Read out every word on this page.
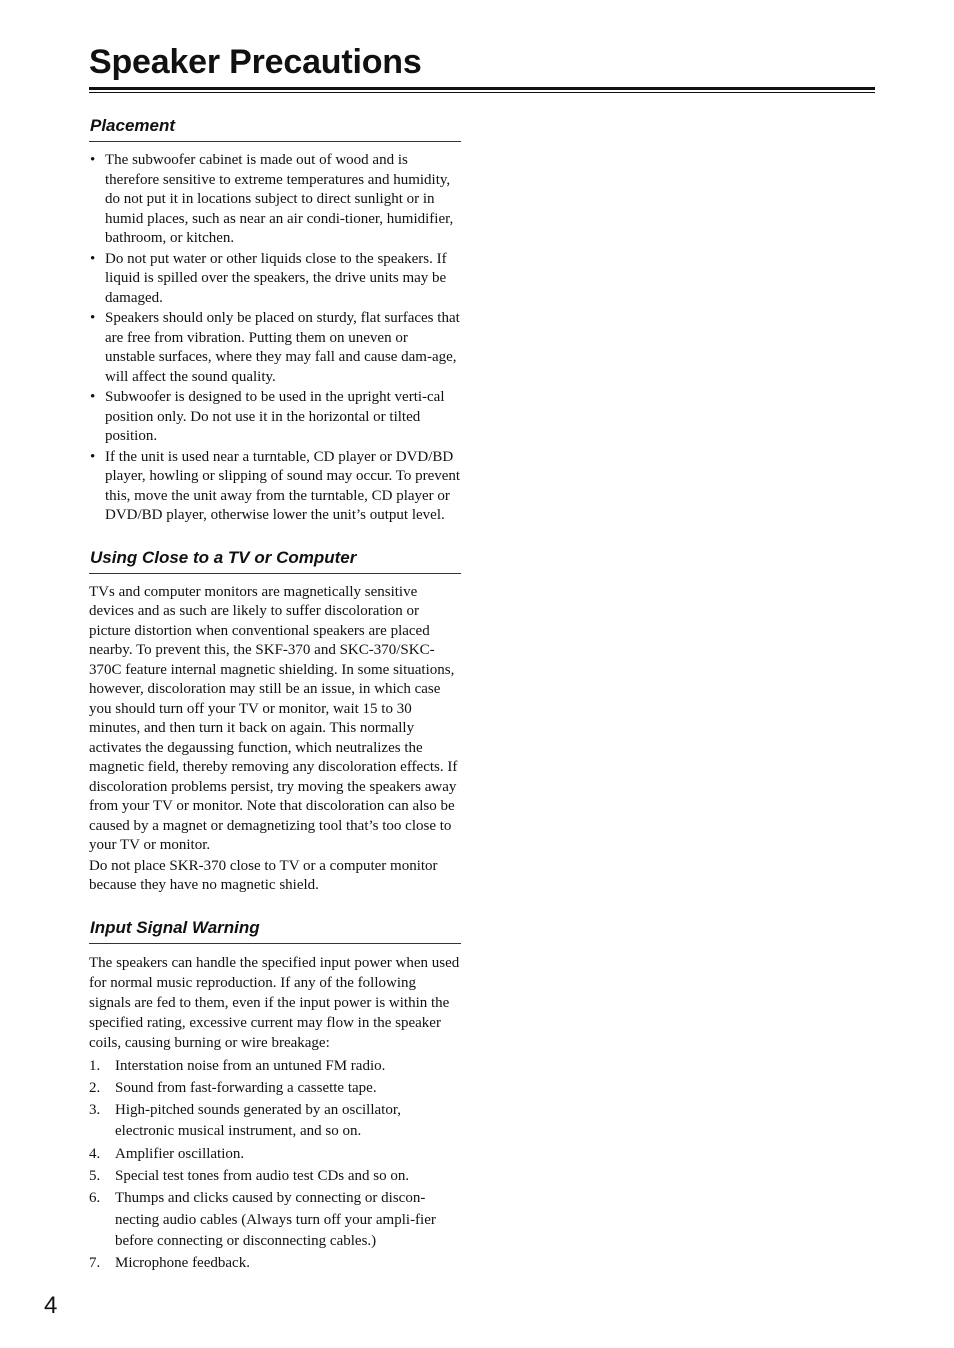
Speaker Precautions
Placement
• The subwoofer cabinet is made out of wood and is therefore sensitive to extreme temperatures and humidity, do not put it in locations subject to direct sunlight or in humid places, such as near an air condi-tioner, humidifier, bathroom, or kitchen.
• Do not put water or other liquids close to the speakers. If liquid is spilled over the speakers, the drive units may be damaged.
• Speakers should only be placed on sturdy, flat surfaces that are free from vibration. Putting them on uneven or unstable surfaces, where they may fall and cause dam-age, will affect the sound quality.
• Subwoofer is designed to be used in the upright verti-cal position only. Do not use it in the horizontal or tilted position.
• If the unit is used near a turntable, CD player or DVD/BD player, howling or slipping of sound may occur. To prevent this, move the unit away from the turntable, CD player or DVD/BD player, otherwise lower the unit’s output level.
Using Close to a TV or Computer

TVs and computer monitors are magnetically sensitive devices and as such are likely to suffer discoloration or picture distortion when conventional speakers are placed nearby. To prevent this, the SKF-370 and SKC-370/SKC-370C feature internal magnetic shielding. In some situations, however, discoloration may still be an issue, in which case you should turn off your TV or monitor, wait 15 to 30 minutes, and then turn it back on again. This normally activates the degaussing function, which neutralizes the magnetic field, thereby removing any discoloration effects. If discoloration problems persist, try moving the speakers away from your TV or monitor. Note that discoloration can also be caused by a magnet or demagnetizing tool that’s too close to your TV or monitor.

Do not place SKR-370 close to TV or a computer monitor because they have no magnetic shield.

Input Signal Warning

The speakers can handle the specified input power when used for normal music reproduction. If any of the following signals are fed to them, even if the input power is within the specified rating, excessive current may flow in the speaker coils, causing burning or wire breakage:

1. Interstation noise from an untuned FM radio.
2. Sound from fast-forwarding a cassette tape.
3. High-pitched sounds generated by an oscillator, electronic musical instrument, and so on.
4. Amplifier oscillation.
5. Special test tones from audio test CDs and so on.
6. Thumps and clicks caused by connecting or discon-necting audio cables (Always turn off your ampli-fier before connecting or disconnecting cables.)
7. Microphone feedback.
4
